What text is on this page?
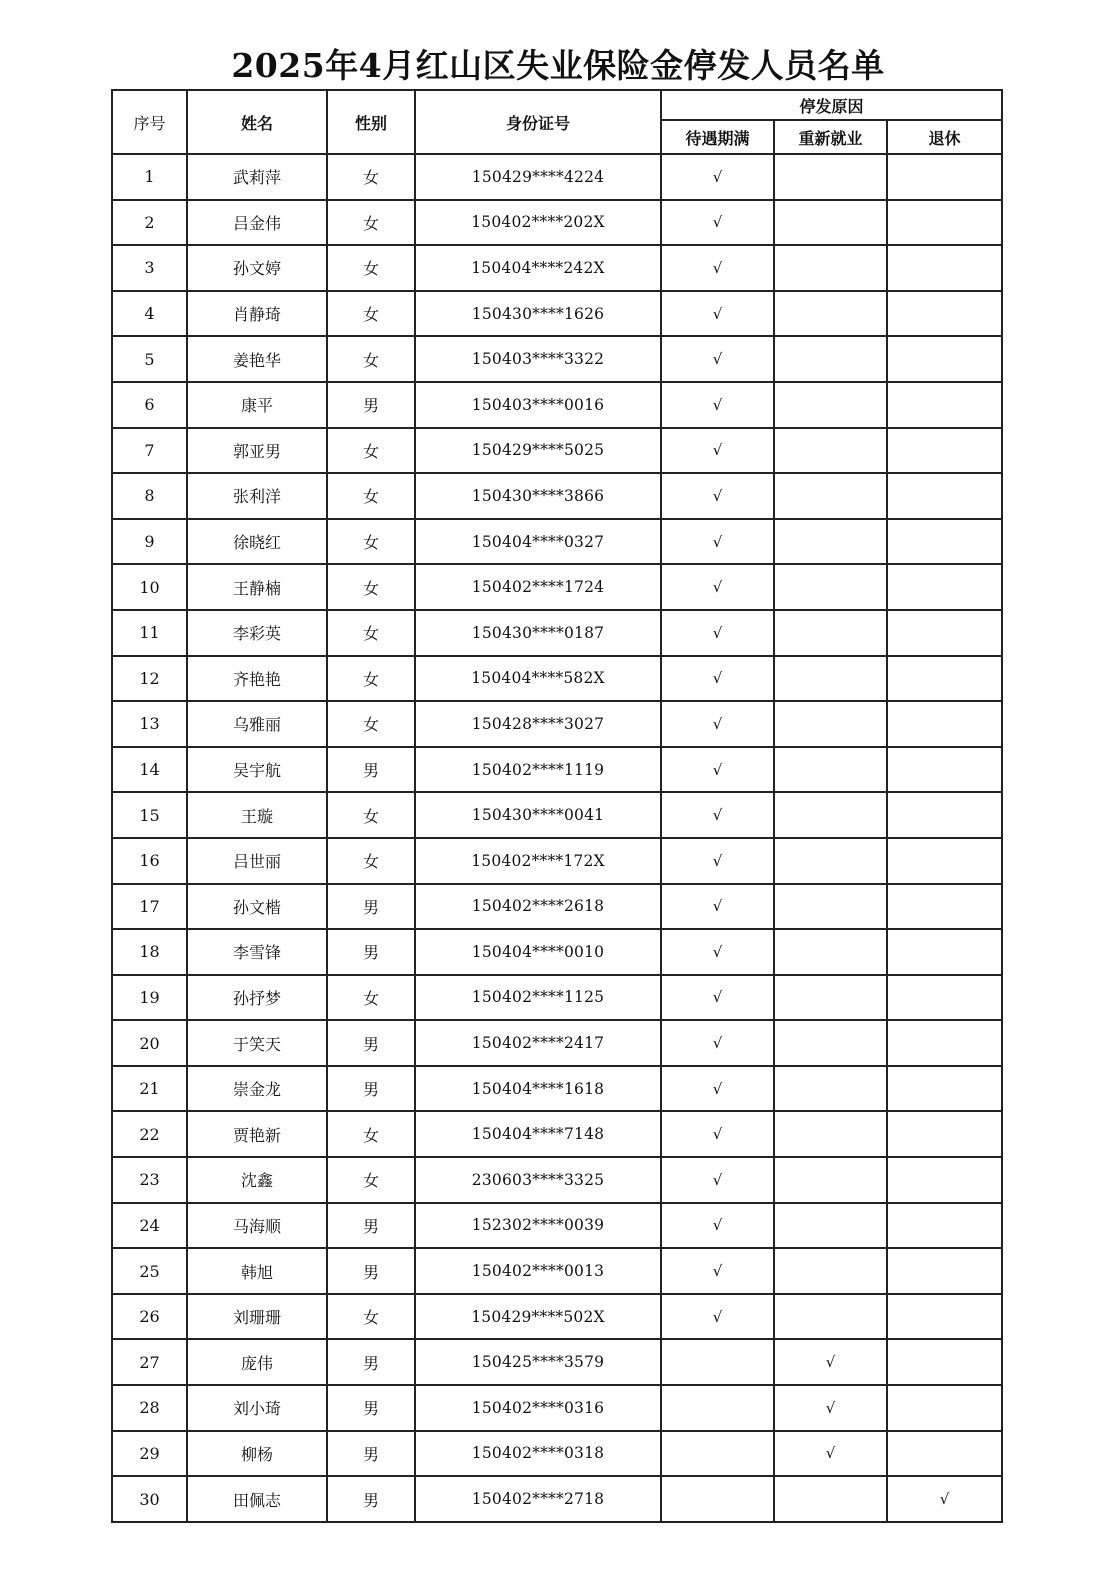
2025年4月红山区失业保险金停发人员名单
序号	姓名	性别	身份证号	停发原因		
				待遇期满	重新就业	退休
1	武莉萍	女	150429****4224	√		
2	吕金伟	女	150402****202X	√		
3	孙文婷	女	150404****242X	√		
4	肖静琦	女	150430****1626	√		
5	姜艳华	女	150403****3322	√		
6	康平	男	150403****0016	√		
7	郭亚男	女	150429****5025	√		
8	张利洋	女	150430****3866	√		
9	徐晓红	女	150404****0327	√		
10	王静楠	女	150402****1724	√		
11	李彩英	女	150430****0187	√		
12	齐艳艳	女	150404****582X	√		
13	乌雅丽	女	150428****3027	√		
14	吴宇航	男	150402****1119	√		
15	王璇	女	150430****0041	√		
16	吕世丽	女	150402****172X	√		
17	孙文楷	男	150402****2618	√		
18	李雪锋	男	150404****0010	√		
19	孙抒梦	女	150402****1125	√		
20	于笑天	男	150402****2417	√		
21	崇金龙	男	150404****1618	√		
22	贾艳新	女	150404****7148	√		
23	沈鑫	女	230603****3325	√		
24	马海顺	男	152302****0039	√		
25	韩旭	男	150402****0013	√		
26	刘珊珊	女	150429****502X	√		
27	庞伟	男	150425****3579		√	
28	刘小琦	男	150402****0316		√	
29	柳杨	男	150402****0318		√	
30	田佩志	男	150402****2718			√
